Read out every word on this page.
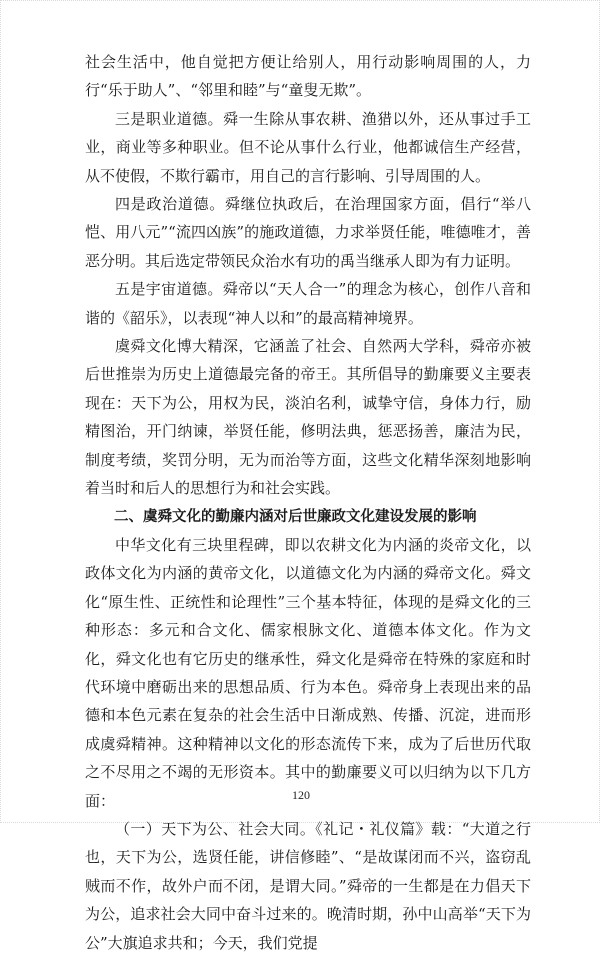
社会生活中，他自觉把方便让给别人，用行动影响周围的人，力行“乐于助人”、“邻里和睦”与“童叟无欺”。

三是职业道德。舜一生除从事农耕、渔猎以外，还从事过手工业，商业等多种职业。但不论从事什么行业，他都诚信生产经营，从不使假，不欺行霸市，用自己的言行影响、引导周围的人。

四是政治道德。舜继位执政后，在治理国家方面，倡行“举八恺、用八元”“流四凶族”的施政道德，力求举贤任能，唯德唯才，善恶分明。其后选定带领民众治水有功的禹当继承人即为有力证明。

五是宇宙道德。舜帝以“天人合一”的理念为核心，创作八音和谐的《韶乐》，以表现“神人以和”的最高精神境界。

虞舜文化博大精深，它涵盖了社会、自然两大学科，舜帝亦被后世推崇为历史上道德最完备的帝王。其所倡导的勤廉要义主要表现在：天下为公，用权为民，淡泊名利，诚挚守信，身体力行，励精图治，开门纳谏，举贤任能，修明法典，惩恶扬善，廉洁为民，制度考绩，奖罚分明，无为而治等方面，这些文化精华深刻地影响着当时和后人的思想行为和社会实践。

二、虞舜文化的勤廉内涵对后世廉政文化建设发展的影响

中华文化有三块里程碑，即以农耕文化为内涵的炎帝文化，以政体文化为内涵的黄帝文化，以道德文化为内涵的舜帝文化。舜文化“原生性、正统性和论理性”三个基本特征，体现的是舜文化的三种形态：多元和合文化、儒家根脉文化、道德本体文化。作为文化，舜文化也有它历史的继承性，舜文化是舜帝在特殊的家庭和时代环境中磨砺出来的思想品质、行为本色。舜帝身上表现出来的品德和本色元素在复杂的社会生活中日渐成熟、传播、沉淀，进而形成虞舜精神。这种精神以文化的形态流传下来，成为了后世历代取之不尽用之不竭的无形资本。其中的勤廉要义可以归纳为以下几方面：

（一）天下为公、社会大同。《礼记・礼仪篇》载：“大道之行也，天下为公，选贤任能，讲信修睦”、“是故谋闭而不兴，盗窃乱贼而不作，故外户而不闭，是谓大同。”舜帝的一生都是在力倡天下为公，追求社会大同中奋斗过来的。晚清时期，孙中山高举“天下为公”大旗追求共和；今天，我们党提

120
